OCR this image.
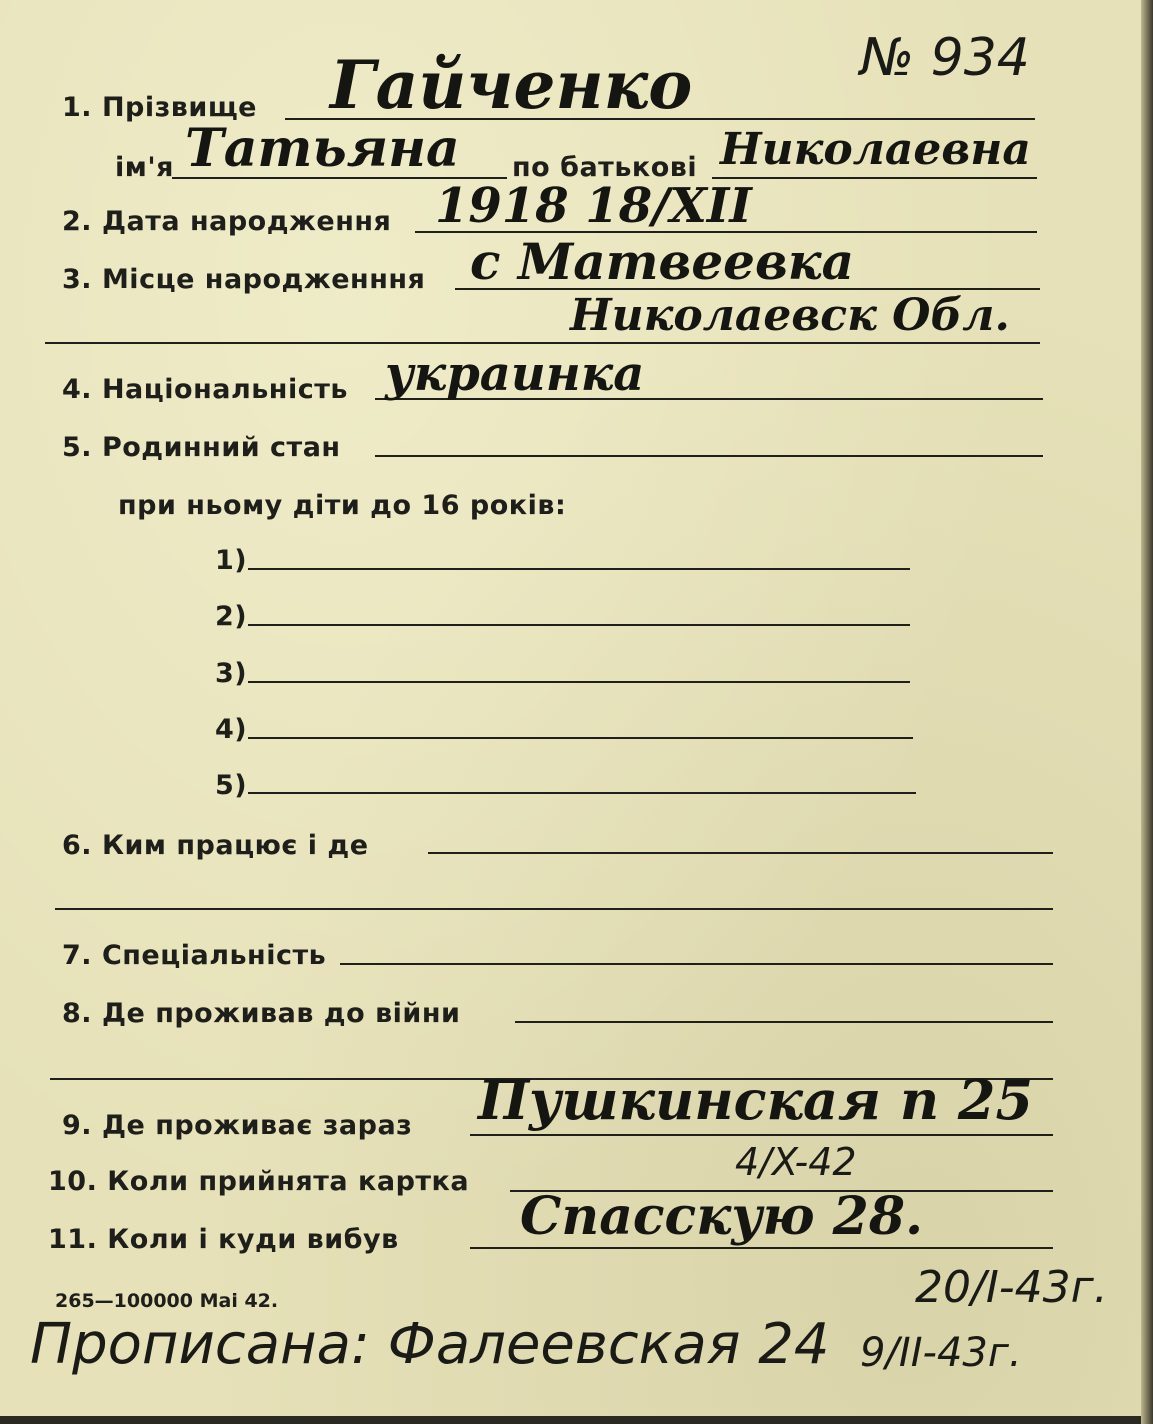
№ 934
1. Прізвище Гайченко
ім'я Татьяна по батькові Николаевна
2. Дата народження 1918 18/XII
3. Місце народженння с Матвеевка
Николаевск Обл.
4. Національність украинка
5. Родинний стан
при ньому діти до 16 років:
1)
2)
3)
4)
5)
6. Ким працює і де
7. Спеціальність
8. Де проживав до війни
9. Де проживає зараз Пушкинская п 25
10. Коли прийнята картка	4/X-42
11. Коли і куди вибув Спасскую 28.
265—100000 Mai 42.
Прописана: Фалеевская 24
20/I-43г.
9/II-43г.
